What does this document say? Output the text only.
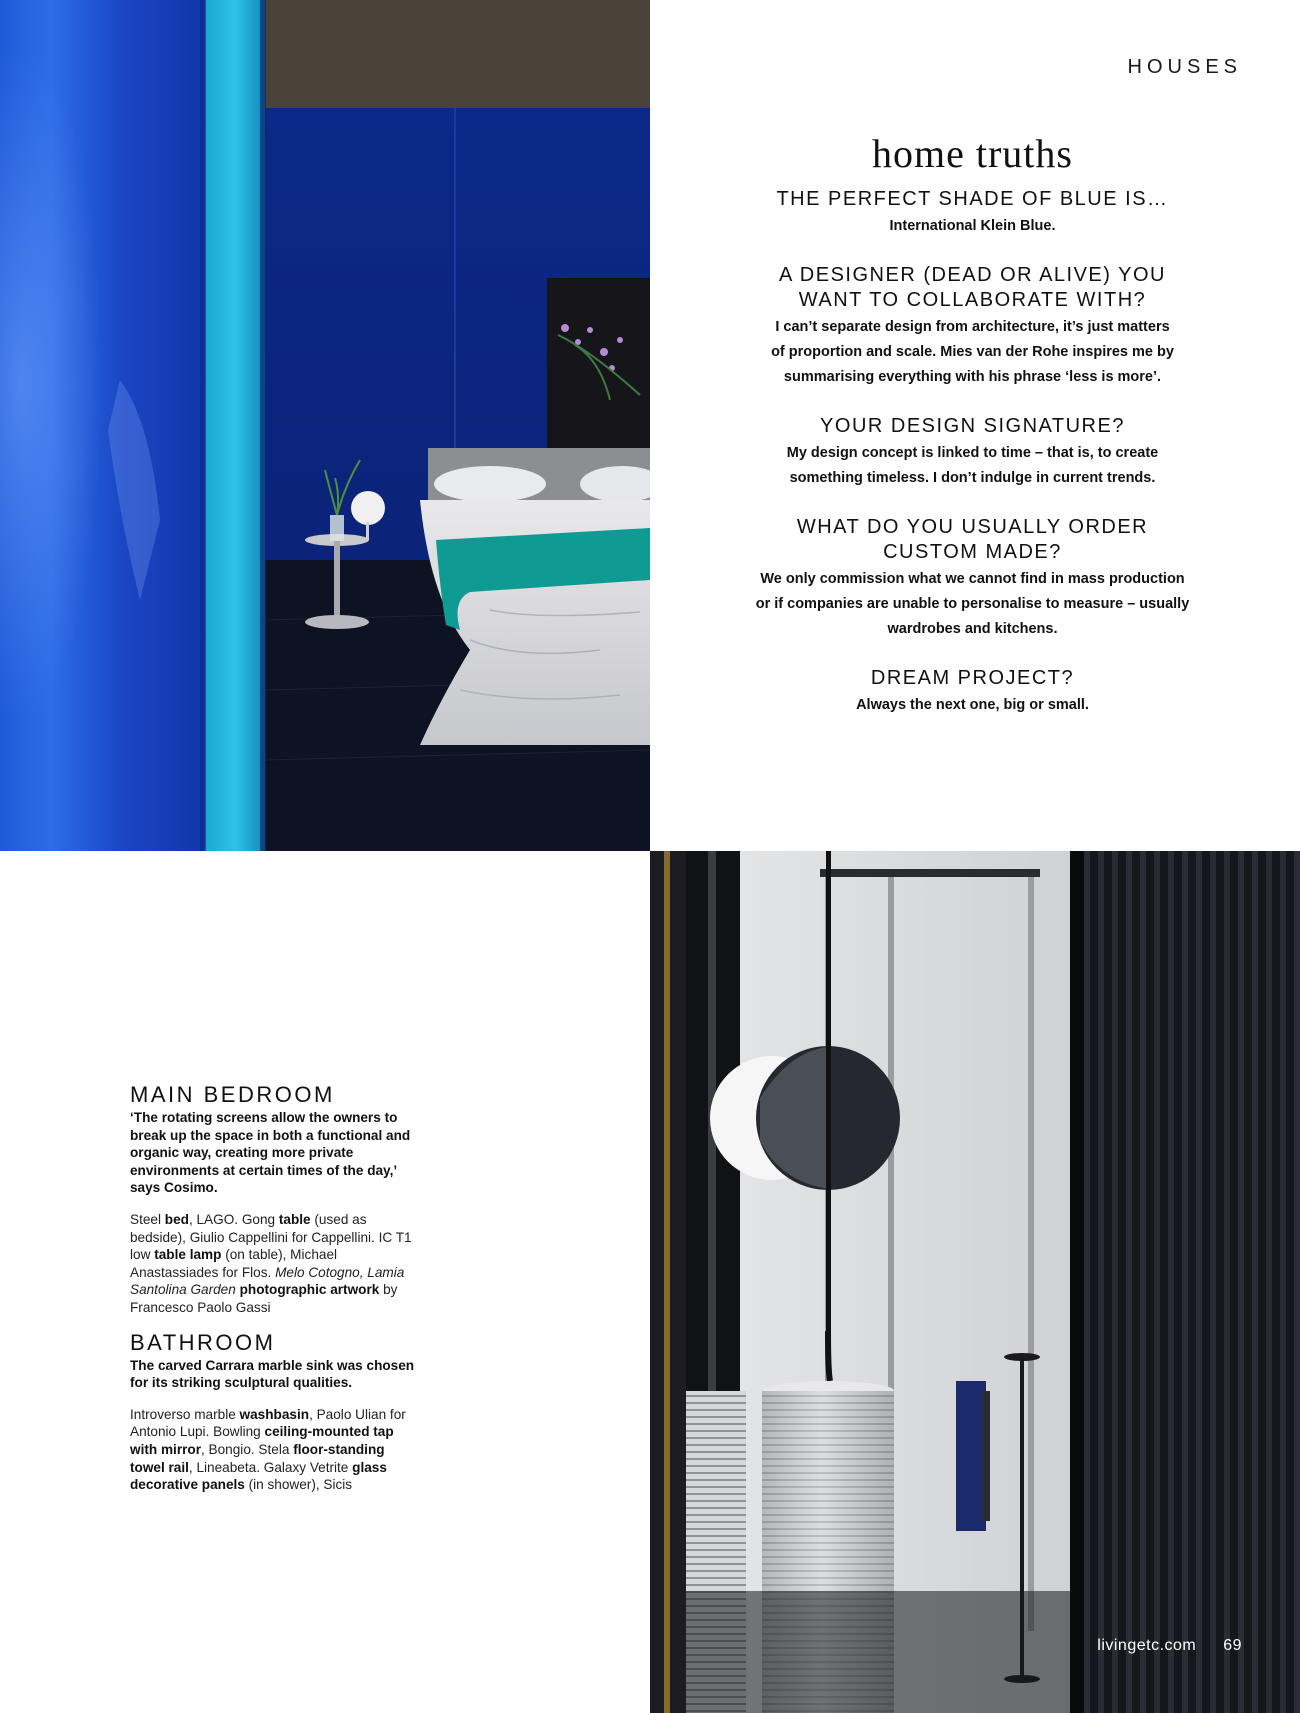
HOUSES
home truths
THE PERFECT SHADE OF BLUE IS…
International Klein Blue.
A DESIGNER (DEAD OR ALIVE) YOU WANT TO COLLABORATE WITH?
I can’t separate design from architecture, it’s just matters of proportion and scale. Mies van der Rohe inspires me by summarising everything with his phrase ‘less is more’.
YOUR DESIGN SIGNATURE?
My design concept is linked to time – that is, to create something timeless. I don’t indulge in current trends.
WHAT DO YOU USUALLY ORDER CUSTOM MADE?
We only commission what we cannot find in mass production or if companies are unable to personalise to measure – usually wardrobes and kitchens.
DREAM PROJECT?
Always the next one, big or small.
MAIN BEDROOM
‘The rotating screens allow the owners to break up the space in both a functional and organic way, creating more private environments at certain times of the day,’ says Cosimo.
Steel bed, LAGO. Gong table (used as bedside), Giulio Cappellini for Cappellini. IC T1 low table lamp (on table), Michael Anastassiades for Flos. Melo Cotogno, Lamia Santolina Garden photographic artwork by Francesco Paolo Gassi
BATHROOM
The carved Carrara marble sink was chosen for its striking sculptural qualities.
Introverso marble washbasin, Paolo Ulian for Antonio Lupi. Bowling ceiling-mounted tap with mirror, Bongio. Stela floor-standing towel rail, Lineabeta. Galaxy Vetrite glass decorative panels (in shower), Sicis
livingetc.com 69
